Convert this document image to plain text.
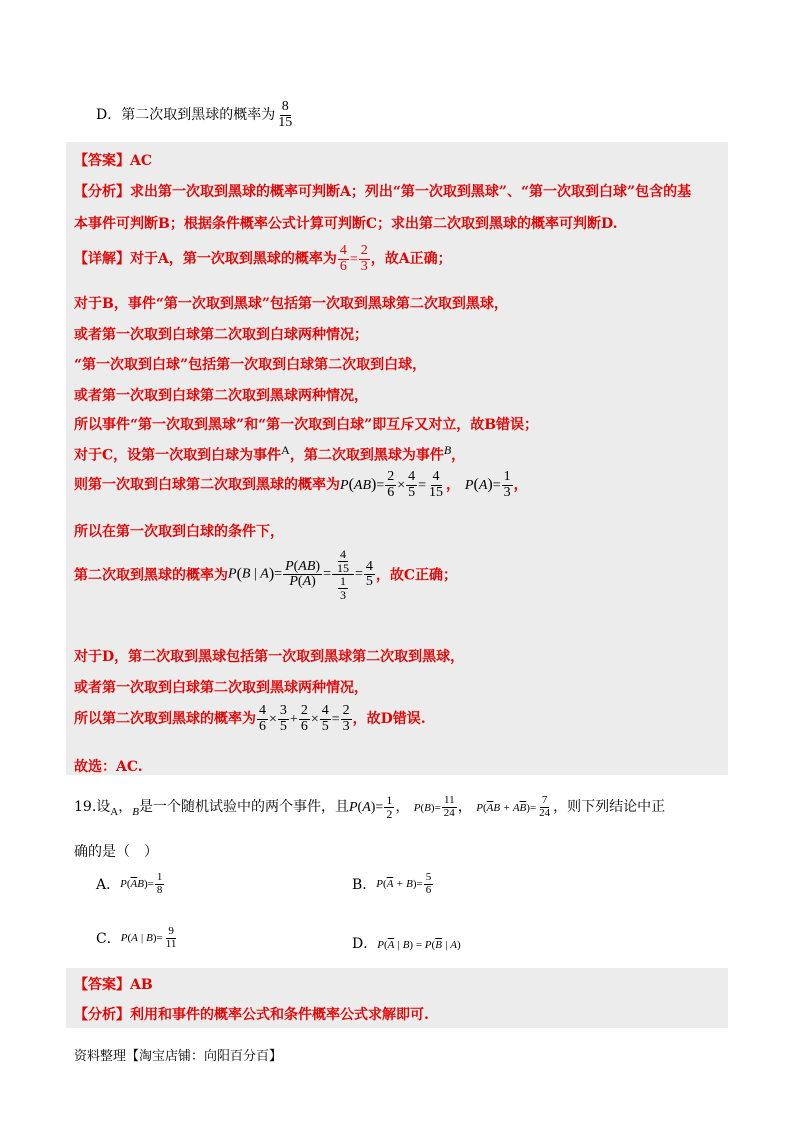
D．第二次取到黑球的概率为 $\frac{8}{15}$
【答案】AC
【分析】求出第一次取到黑球的概率可判断A；列出“第一次取到黑球”、“第一次取到白球”包含的基
本事件可判断B；根据条件概率公式计算可判断C；求出第二次取到黑球的概率可判断D.
【详解】对于A，第一次取到黑球的概率为 $\frac{4}{6} = \frac{2}{3}$ ，故A正确；
对于B，事件“第一次取到黑球”包括第一次取到黑球第二次取到黑球，
或者第一次取到白球第二次取到白球两种情况；
“第一次取到白球”包括第一次取到白球第二次取到白球，
或者第一次取到白球第二次取到黑球两种情况，
所以事件“第一次取到黑球”和“第一次取到白球”即互斥又对立，故B错误；
对于C，设第一次取到白球为事件A，第二次取到黑球为事件B，
则第一次取到白球第二次取到黑球的概率为$P(AB)= \frac{2}{6} \times \frac{4}{5} = \frac{4}{15}$ ， $P(A)= \frac{1}{3}$ ，
所以在第一次取到白球的条件下，
第二次取到黑球的概率为P(B | $A)= \frac{P(AB)}{P(A)} = \frac{\frac{4}{15}}{\frac{1}{3}} = \frac{4}{5}$ ，故C正确；
对于D，第二次取到黑球包括第一次取到黑球第二次取到黑球，
或者第一次取到白球第二次取到黑球两种情况，
所以第二次取到黑球的概率为 $\frac{4}{6} \times \frac{3}{5} + \frac{2}{6} \times \frac{4}{5} = \frac{2}{3}$ ，故D错误.
故选：AC.
19.设$_A$，$_B$是一个随机试验中的两个事件，且$P(A)= \frac{1}{2}$ ， $P(B)= \frac{11}{24}$ ， $P(\overline{A}B + A\overline{B})= \frac{7}{24}$ ，则下列结论中正
确的是（　）
A．$P(\overline{A}B)= \frac{1}{8}$	B．$P(\overline{A} + B)= \frac{5}{6}$
C．P(A | $B)= \frac{9}{11}$	D．$P(\overline{A}$ | $B) = P(\overline{B}$ | A)
【答案】AB
【分析】利用和事件的概率公式和条件概率公式求解即可.
资料整理【淘宝店铺：向阳百分百】
